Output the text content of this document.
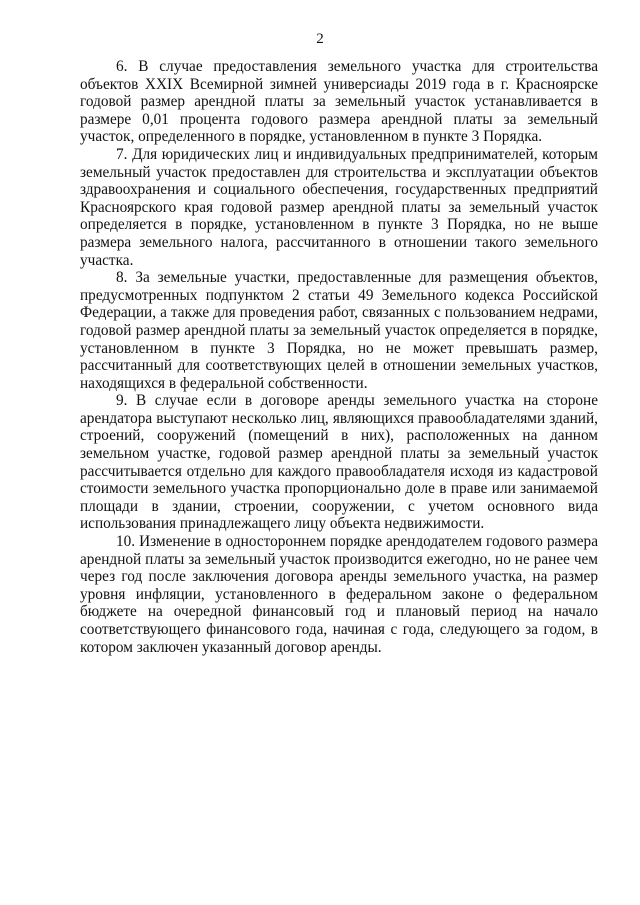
2

6. В случае предоставления земельного участка для строительства объектов XXIX Всемирной зимней универсиады 2019 года в г. Красноярске годовой размер арендной платы за земельный участок устанавливается в размере 0,01 процента годового размера арендной платы за земельный участок, определенного в порядке, установленном в пункте 3 Порядка.

7. Для юридических лиц и индивидуальных предпринимателей, которым земельный участок предоставлен для строительства и эксплуатации объектов здравоохранения и социального обеспечения, государственных предприятий Красноярского края годовой размер арендной платы за земельный участок определяется в порядке, установленном в пункте 3 Порядка, но не выше размера земельного налога, рассчитанного в отношении такого земельного участка.

8. За земельные участки, предоставленные для размещения объектов, предусмотренных подпунктом 2 статьи 49 Земельного кодекса Российской Федерации, а также для проведения работ, связанных с пользованием недрами, годовой размер арендной платы за земельный участок определяется в порядке, установленном в пункте 3 Порядка, но не может превышать размер, рассчитанный для соответствующих целей в отношении земельных участков, находящихся в федеральной собственности.

9. В случае если в договоре аренды земельного участка на стороне арендатора выступают несколько лиц, являющихся правообладателями зданий, строений, сооружений (помещений в них), расположенных на данном земельном участке, годовой размер арендной платы за земельный участок рассчитывается отдельно для каждого правообладателя исходя из кадастровой стоимости земельного участка пропорционально доле в праве или занимаемой площади в здании, строении, сооружении, с учетом основного вида использования принадлежащего лицу объекта недвижимости.

10. Изменение в одностороннем порядке арендодателем годового размера арендной платы за земельный участок производится ежегодно, но не ранее чем через год после заключения договора аренды земельного участка, на размер уровня инфляции, установленного в федеральном законе о федеральном бюджете на очередной финансовый год и плановый период на начало соответствующего финансового года, начиная с года, следующего за годом, в котором заключен указанный договор аренды.
